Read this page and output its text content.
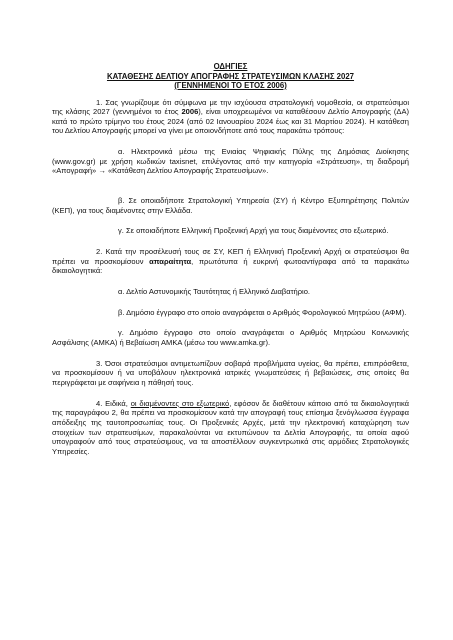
ΟΔΗΓΙΕΣ
ΚΑΤΑΘΕΣΗΣ ΔΕΛΤΙΟΥ ΑΠΟΓΡΑΦΗΣ ΣΤΡΑΤΕΥΣΙΜΩΝ ΚΛΑΣΗΣ 2027
(ΓΕΝΝΗΜΕΝΟΙ ΤΟ ΕΤΟΣ 2006)

1. Σας γνωρίζουμε ότι σύμφωνα με την ισχύουσα στρατολογική νομοθεσία, οι στρατεύσιμοι της κλάσης 2027 (γεννημένοι το έτος 2006), είναι υποχρεωμένοι να καταθέσουν Δελτίο Απογραφής (ΔΑ) κατά το πρώτο τρίμηνο του έτους 2024 (από 02 Ιανουαρίου 2024 έως και 31 Μαρτίου 2024). Η κατάθεση του Δελτίου Απογραφής μπορεί να γίνει με οποιονδήποτε από τους παρακάτω τρόπους:

α. Ηλεκτρονικά μέσω της Ενιαίας Ψηφιακής Πύλης της Δημόσιας Διοίκησης (www.gov.gr) με χρήση κωδικών taxisnet, επιλέγοντας από την κατηγορία «Στράτευση», τη διαδρομή «Απογραφή» → «Κατάθεση Δελτίου Απογραφής Στρατευσίμων».

β. Σε οποιαδήποτε Στρατολογική Υπηρεσία (ΣΥ) ή Κέντρο Εξυπηρέτησης Πολιτών (ΚΕΠ), για τους διαμένοντες στην Ελλάδα.

γ. Σε οποιαδήποτε Ελληνική Προξενική Αρχή για τους διαμένοντες στο εξωτερικό.

2. Κατά την προσέλευσή τους σε ΣΥ, ΚΕΠ ή Ελληνική Προξενική Αρχή οι στρατεύσιμοι θα πρέπει να προσκομίσουν απαραίτητα, πρωτότυπα ή ευκρινή φωτοαντίγραφα από τα παρακάτω δικαιολογητικά:

α. Δελτίο Αστυνομικής Ταυτότητας ή Ελληνικό Διαβατήριο.

β. Δημόσιο έγγραφο στο οποίο αναγράφεται ο Αριθμός Φορολογικού Μητρώου (ΑΦΜ).

γ. Δημόσιο έγγραφο στο οποίο αναγράφεται ο Αριθμός Μητρώου Κοινωνικής Ασφάλισης (ΑΜΚΑ) ή Βεβαίωση ΑΜΚΑ (μέσω του www.amka.gr).

3. Όσοι στρατεύσιμοι αντιμετωπίζουν σοβαρά προβλήματα υγείας, θα πρέπει, επιπρόσθετα, να προσκομίσουν ή να υποβάλουν ηλεκτρονικά ιατρικές γνωματεύσεις ή βεβαιώσεις, στις οποίες θα περιγράφεται με σαφήνεια η πάθησή τους.

4. Ειδικά, οι διαμένοντες στο εξωτερικό, εφόσον δε διαθέτουν κάποιο από τα δικαιολογητικά της παραγράφου 2, θα πρέπει να προσκομίσουν κατά την απογραφή τους επίσημα ξενόγλωσσα έγγραφα απόδειξης της ταυτοπροσωπίας τους. Οι Προξενικές Αρχές, μετά την ηλεκτρονική καταχώρηση των στοιχείων των στρατευσίμων, παρακαλούνται να εκτυπώνουν τα Δελτία Απογραφής, τα οποία αφού υπογραφούν από τους στρατεύσιμους, να τα αποστέλλουν συγκεντρωτικά στις αρμόδιες Στρατολογικές Υπηρεσίες.
